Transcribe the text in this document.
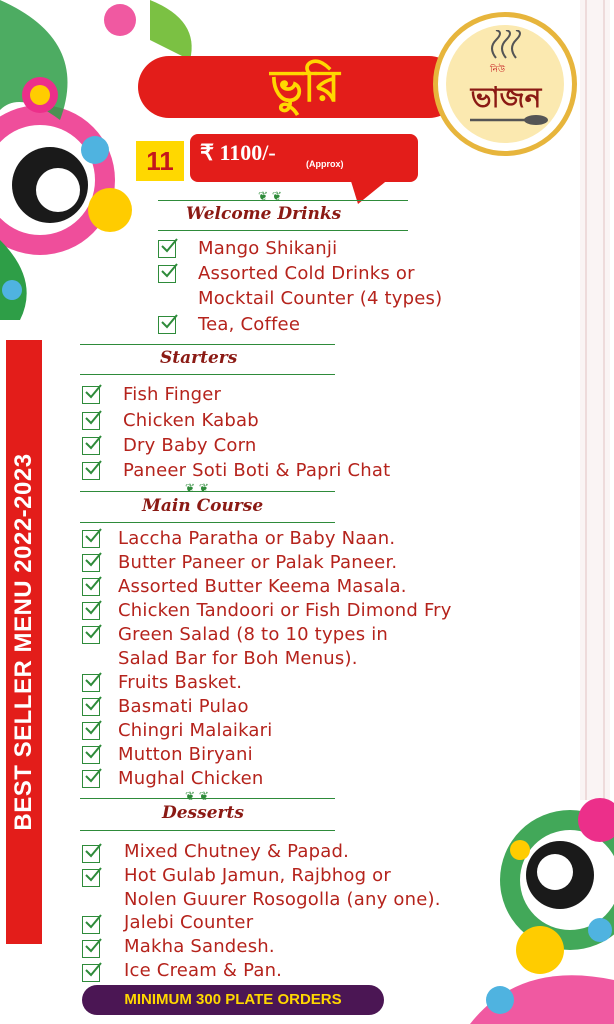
ভুরি	নিউ
ভাজন
11	₹ 1100/-	(Approx)
BEST SELLER MENU 2022-2023
❦ ❦
Welcome Drinks
Mango Shikanji
Assorted Cold Drinks or
Mocktail Counter (4 types)
Tea, Coffee
Starters
Fish Finger
Chicken Kabab
Dry Baby Corn
Paneer Soti Boti & Papri Chat
❦ ❦
Main Course
Laccha Paratha or Baby Naan.
Butter Paneer or Palak Paneer.
Assorted Butter Keema Masala.
Chicken Tandoori or Fish Dimond Fry
Green Salad (8 to 10 types in
Salad Bar for Boh Menus).
Fruits Basket.
Basmati Pulao
Chingri Malaikari
Mutton Biryani
Mughal Chicken
❦ ❦
Desserts
Mixed Chutney & Papad.
Hot Gulab Jamun, Rajbhog or
Nolen Guurer Rosogolla (any one).
Jalebi Counter
Makha Sandesh.
Ice Cream & Pan.
MINIMUM 300 PLATE ORDERS
